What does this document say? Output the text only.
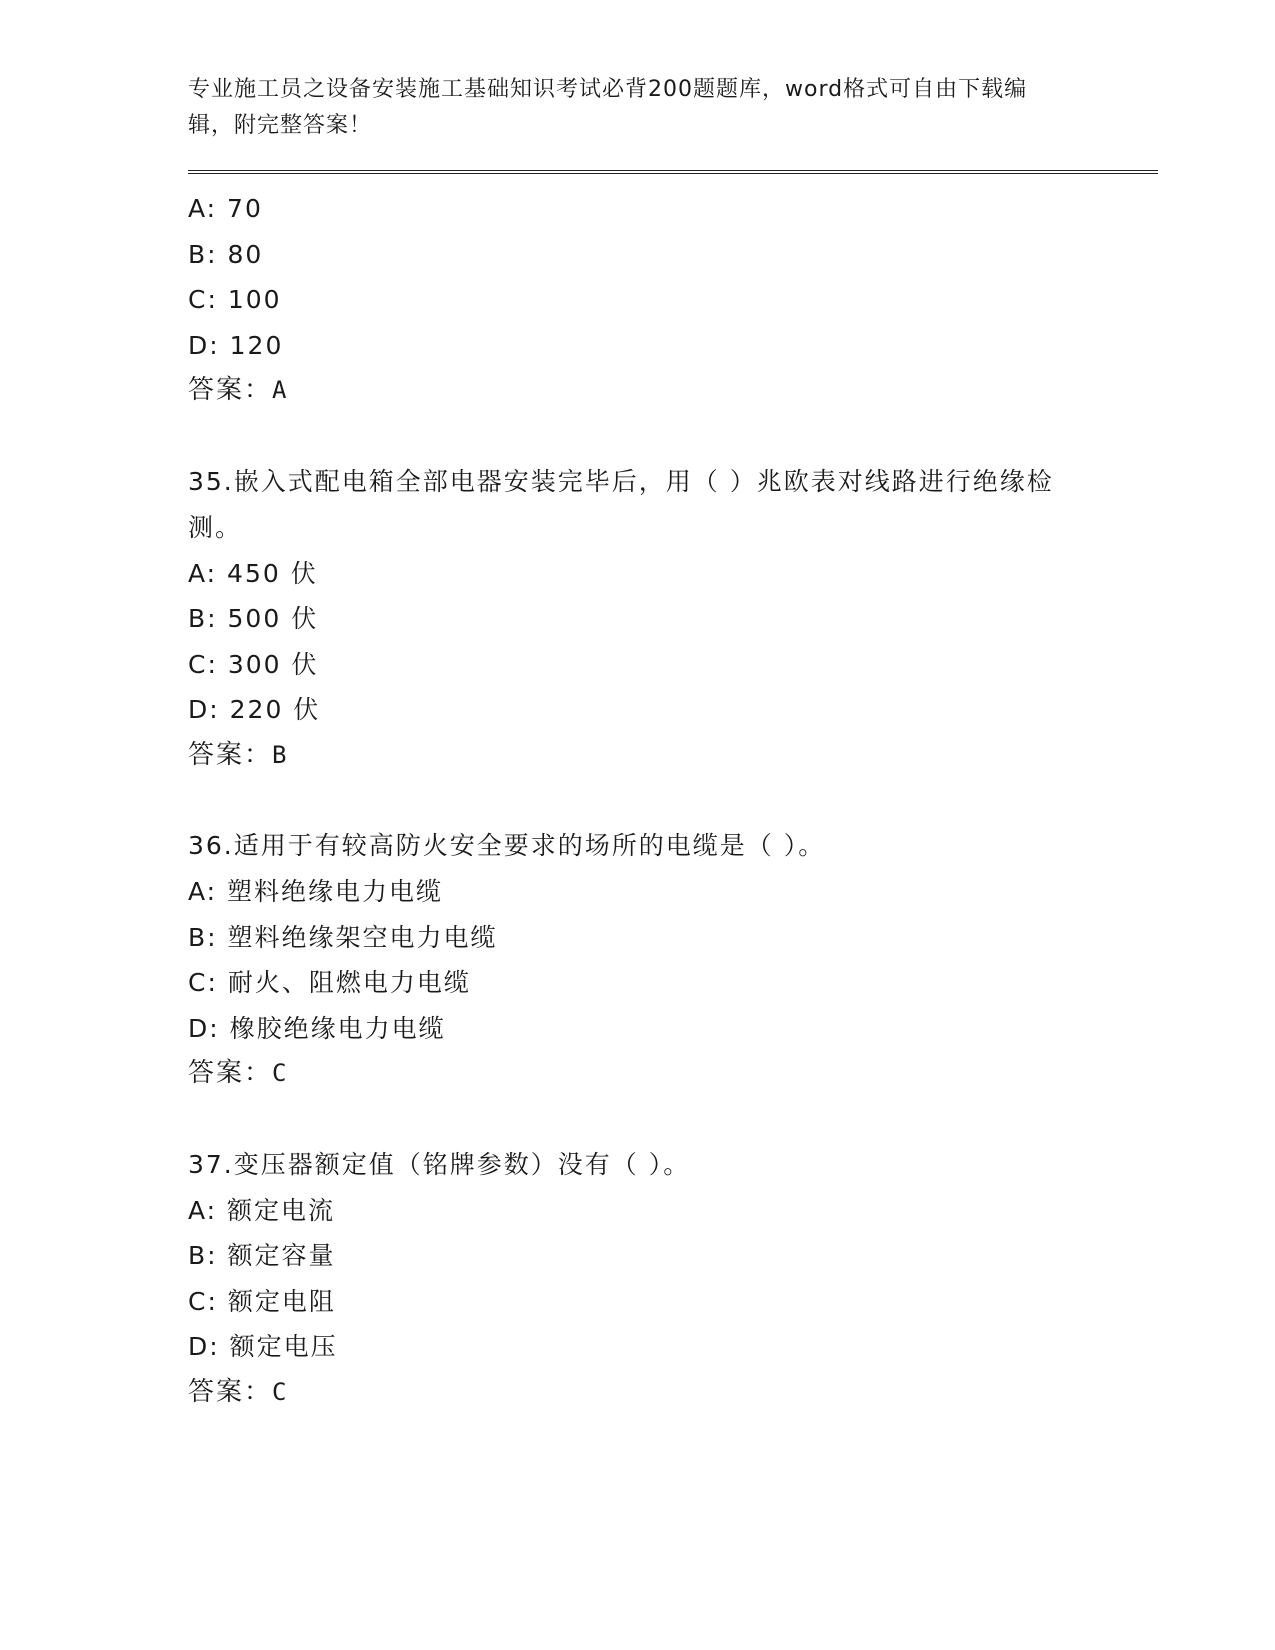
专业施工员之设备安装施工基础知识考试必背200题题库，word格式可自由下载编辑，附完整答案！

A: 70
B: 80
C: 100
D: 120
答案：A
35.嵌入式配电箱全部电器安装完毕后，用（ ）兆欧表对线路进行绝缘检测。
A: 450 伏
B: 500 伏
C: 300 伏
D: 220 伏
答案：B
36.适用于有较高防火安全要求的场所的电缆是（ ）。
A: 塑料绝缘电力电缆
B: 塑料绝缘架空电力电缆
C: 耐火、阻燃电力电缆
D: 橡胶绝缘电力电缆
答案：C
37.变压器额定值（铭牌参数）没有（ ）。
A: 额定电流
B: 额定容量
C: 额定电阻
D: 额定电压
答案：C
